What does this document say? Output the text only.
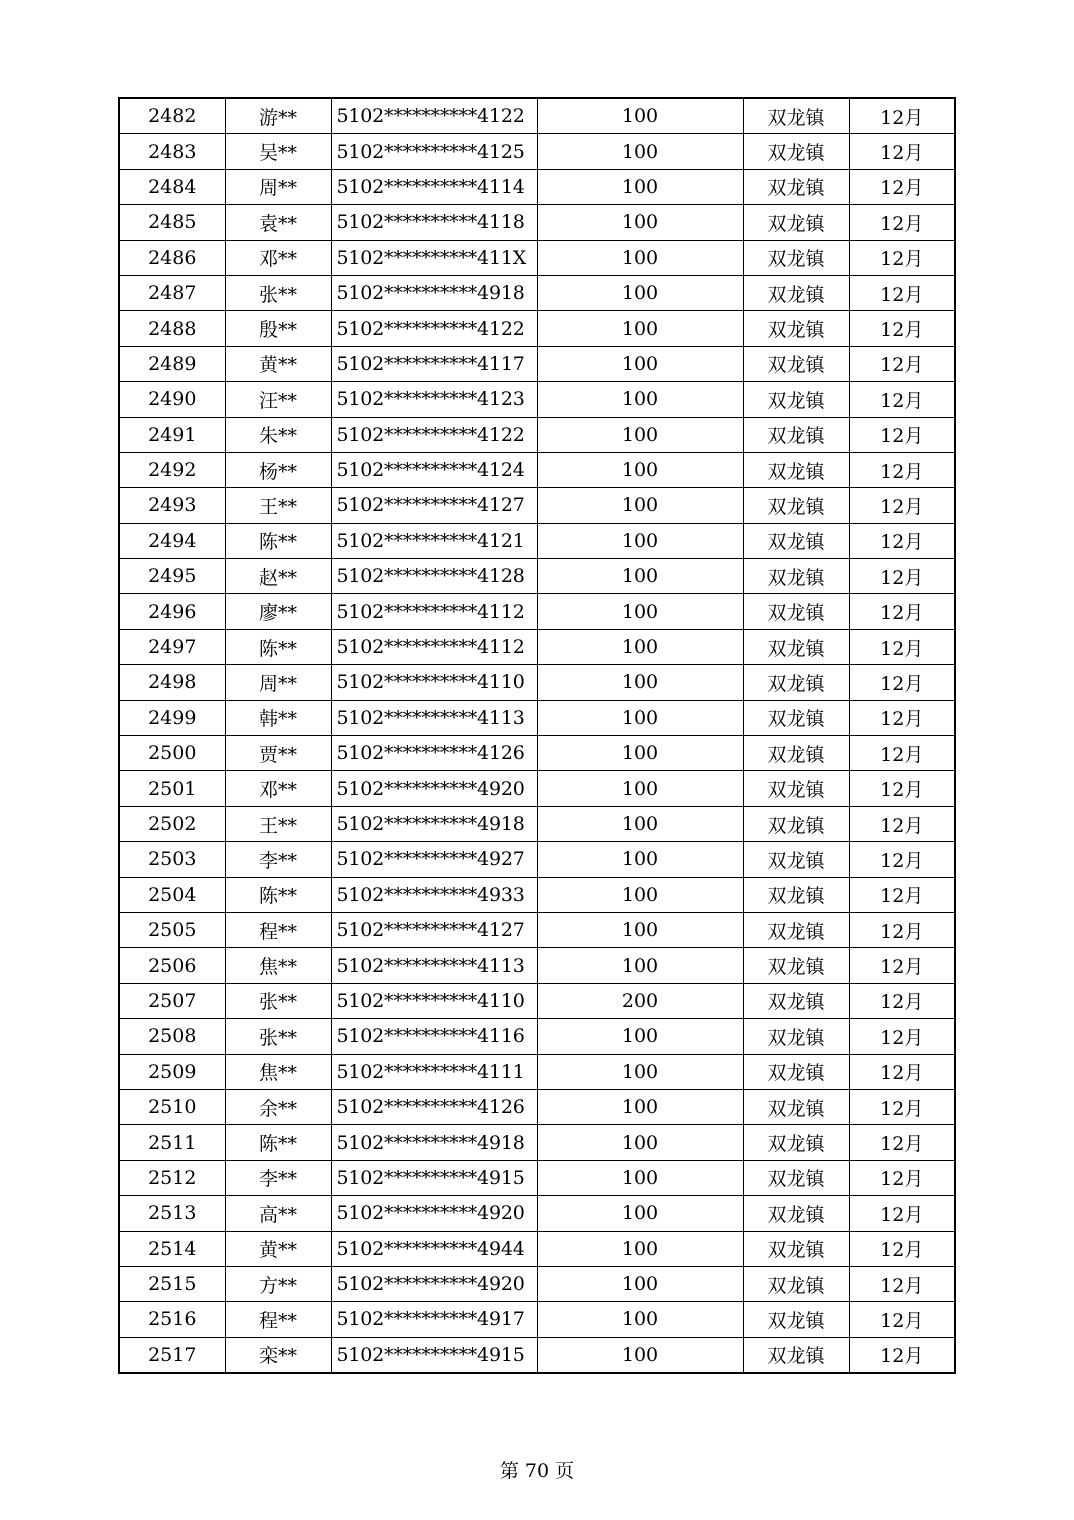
2482	游**	5102**********4122	100	双龙镇	12月
2483	吴**	5102**********4125	100	双龙镇	12月
2484	周**	5102**********4114	100	双龙镇	12月
2485	袁**	5102**********4118	100	双龙镇	12月
2486	邓**	5102**********411X	100	双龙镇	12月
2487	张**	5102**********4918	100	双龙镇	12月
2488	殷**	5102**********4122	100	双龙镇	12月
2489	黄**	5102**********4117	100	双龙镇	12月
2490	汪**	5102**********4123	100	双龙镇	12月
2491	朱**	5102**********4122	100	双龙镇	12月
2492	杨**	5102**********4124	100	双龙镇	12月
2493	王**	5102**********4127	100	双龙镇	12月
2494	陈**	5102**********4121	100	双龙镇	12月
2495	赵**	5102**********4128	100	双龙镇	12月
2496	廖**	5102**********4112	100	双龙镇	12月
2497	陈**	5102**********4112	100	双龙镇	12月
2498	周**	5102**********4110	100	双龙镇	12月
2499	韩**	5102**********4113	100	双龙镇	12月
2500	贾**	5102**********4126	100	双龙镇	12月
2501	邓**	5102**********4920	100	双龙镇	12月
2502	王**	5102**********4918	100	双龙镇	12月
2503	李**	5102**********4927	100	双龙镇	12月
2504	陈**	5102**********4933	100	双龙镇	12月
2505	程**	5102**********4127	100	双龙镇	12月
2506	焦**	5102**********4113	100	双龙镇	12月
2507	张**	5102**********4110	200	双龙镇	12月
2508	张**	5102**********4116	100	双龙镇	12月
2509	焦**	5102**********4111	100	双龙镇	12月
2510	余**	5102**********4126	100	双龙镇	12月
2511	陈**	5102**********4918	100	双龙镇	12月
2512	李**	5102**********4915	100	双龙镇	12月
2513	高**	5102**********4920	100	双龙镇	12月
2514	黄**	5102**********4944	100	双龙镇	12月
2515	方**	5102**********4920	100	双龙镇	12月
2516	程**	5102**********4917	100	双龙镇	12月
2517	栾**	5102**********4915	100	双龙镇	12月
第 70 页
